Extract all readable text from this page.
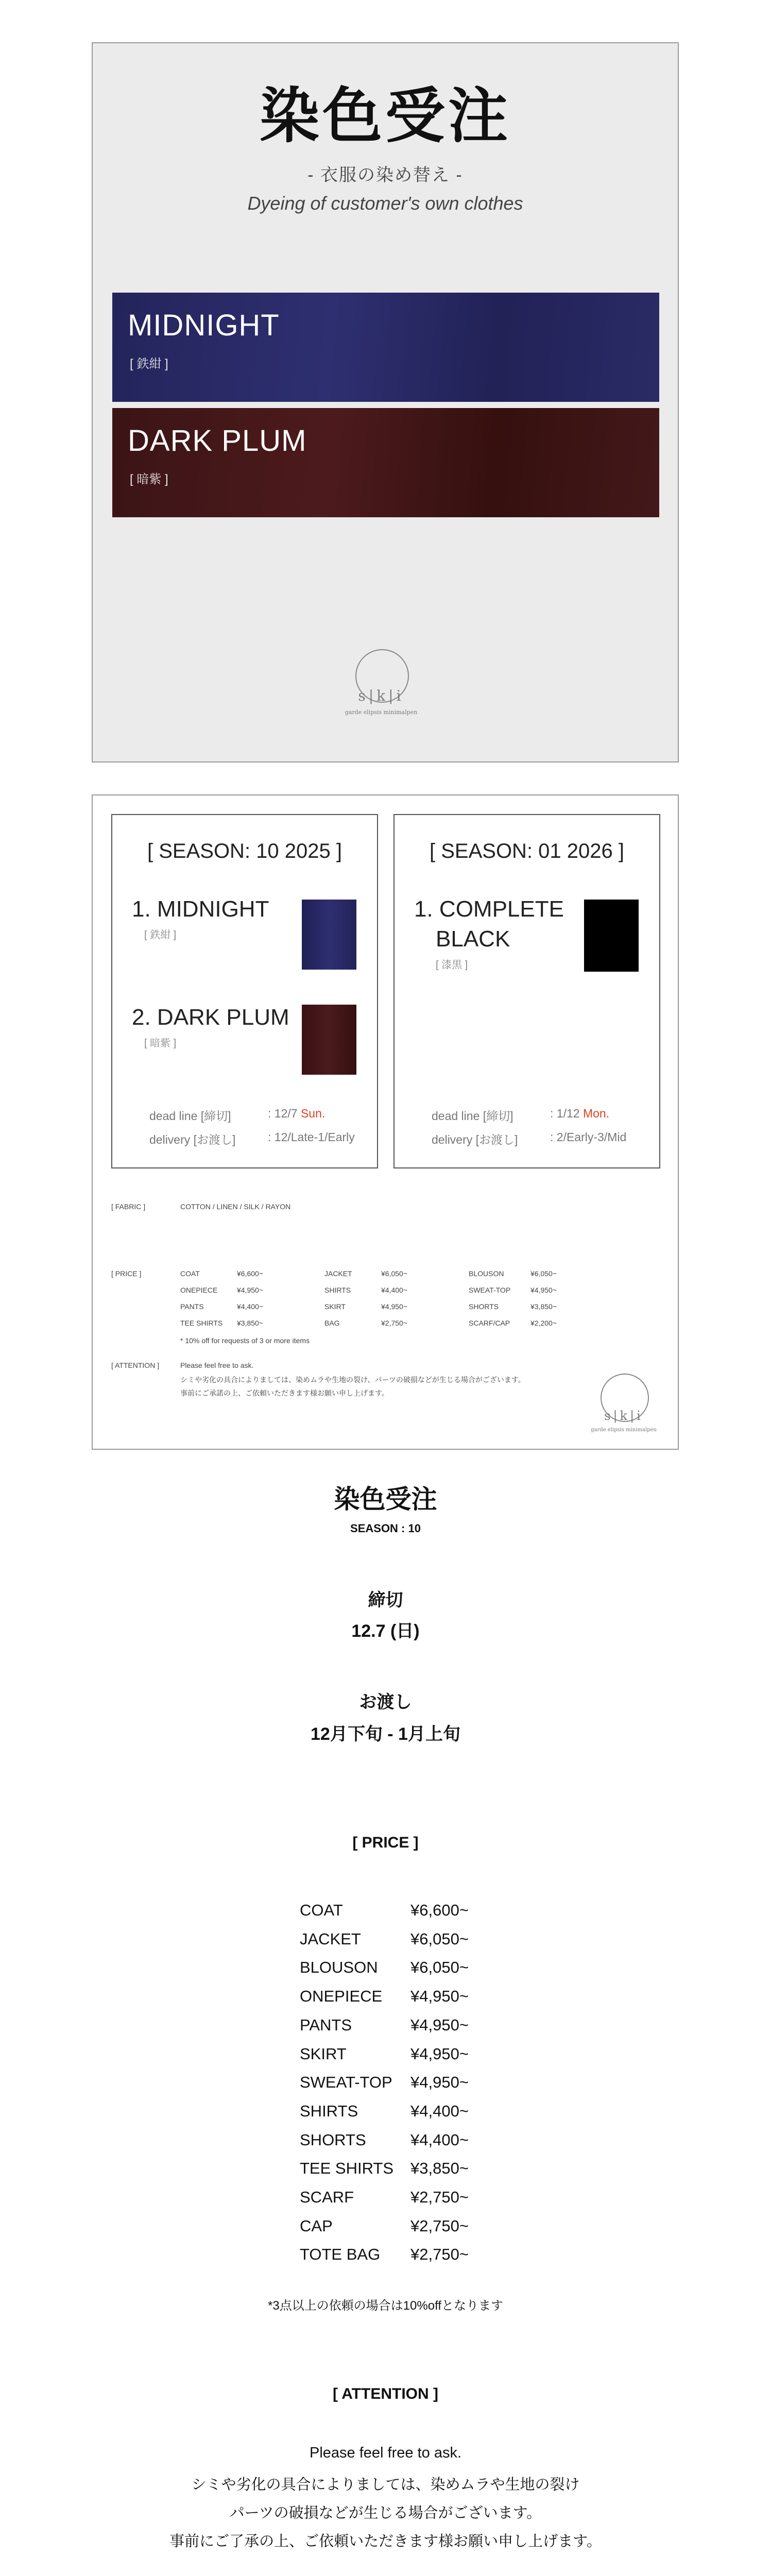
染色受注
- 衣服の染め替え -
Dyeing of customer's own clothes
MIDNIGHT
[ 鉄紺 ]
DARK PLUM
[ 暗紫 ]
s|k|i
garde elipsis minimalpen
[ SEASON: 10 2025 ]
1. MIDNIGHT
[ 鉄紺 ]
2. DARK PLUM
[ 暗紫 ]
dead line [締切]	: 12/7 Sun.
delivery [お渡し]	: 12/Late-1/Early
[ SEASON: 01 2026 ]
1. COMPLETE
BLACK
[ 漆黒 ]
dead line [締切]	: 1/12 Mon.
delivery [お渡し]	: 2/Early-3/Mid
[ FABRIC ]	COTTON / LINEN / SILK / RAYON
[ PRICE ]	COAT	¥6,600~
ONEPIECE	¥4,950~
PANTS	¥4,400~
TEE SHIRTS ¥3,850~
JACKET	¥6,050~
SHIRTS	¥4,400~
SKIRT	¥4,950~
BAG	¥2,750~
BLOUSON	¥6,050~
SWEAT-TOP	¥4,950~
SHORTS	¥3,850~
SCARF/CAP	¥2,200~
* 10% off for requests of 3 or more items
[ ATTENTION ]	Please feel free to ask.
シミや劣化の具合によりましては、染めムラや生地の裂け、パーツの破損などが生じる場合がございます。
事前にご承諾の上、ご依頼いただきます様お願い申し上げます。
s|k|i
garde elipsis minimalpen
染色受注
SEASON : 10
締切
12.7 (日)
お渡し
12月下旬 - 1月上旬
[ PRICE ]
COAT	¥6,600~
JACKET	¥6,050~
BLOUSON ¥6,050~
ONEPIECE ¥4,950~
PANTS	¥4,950~
SKIRT	¥4,950~
SWEAT-TOP ¥4,950~
SHIRTS	¥4,400~
SHORTS	¥4,400~
TEE SHIRTS ¥3,850~
SCARF	¥2,750~
CAP	¥2,750~
TOTE BAG ¥2,750~
*3点以上の依頼の場合は10%offとなります
[ ATTENTION ]
Please feel free to ask.
シミや劣化の具合によりましては、染めムラや生地の裂け
パーツの破損などが生じる場合がございます。
事前にご了承の上、ご依頼いただきます様お願い申し上げます。
